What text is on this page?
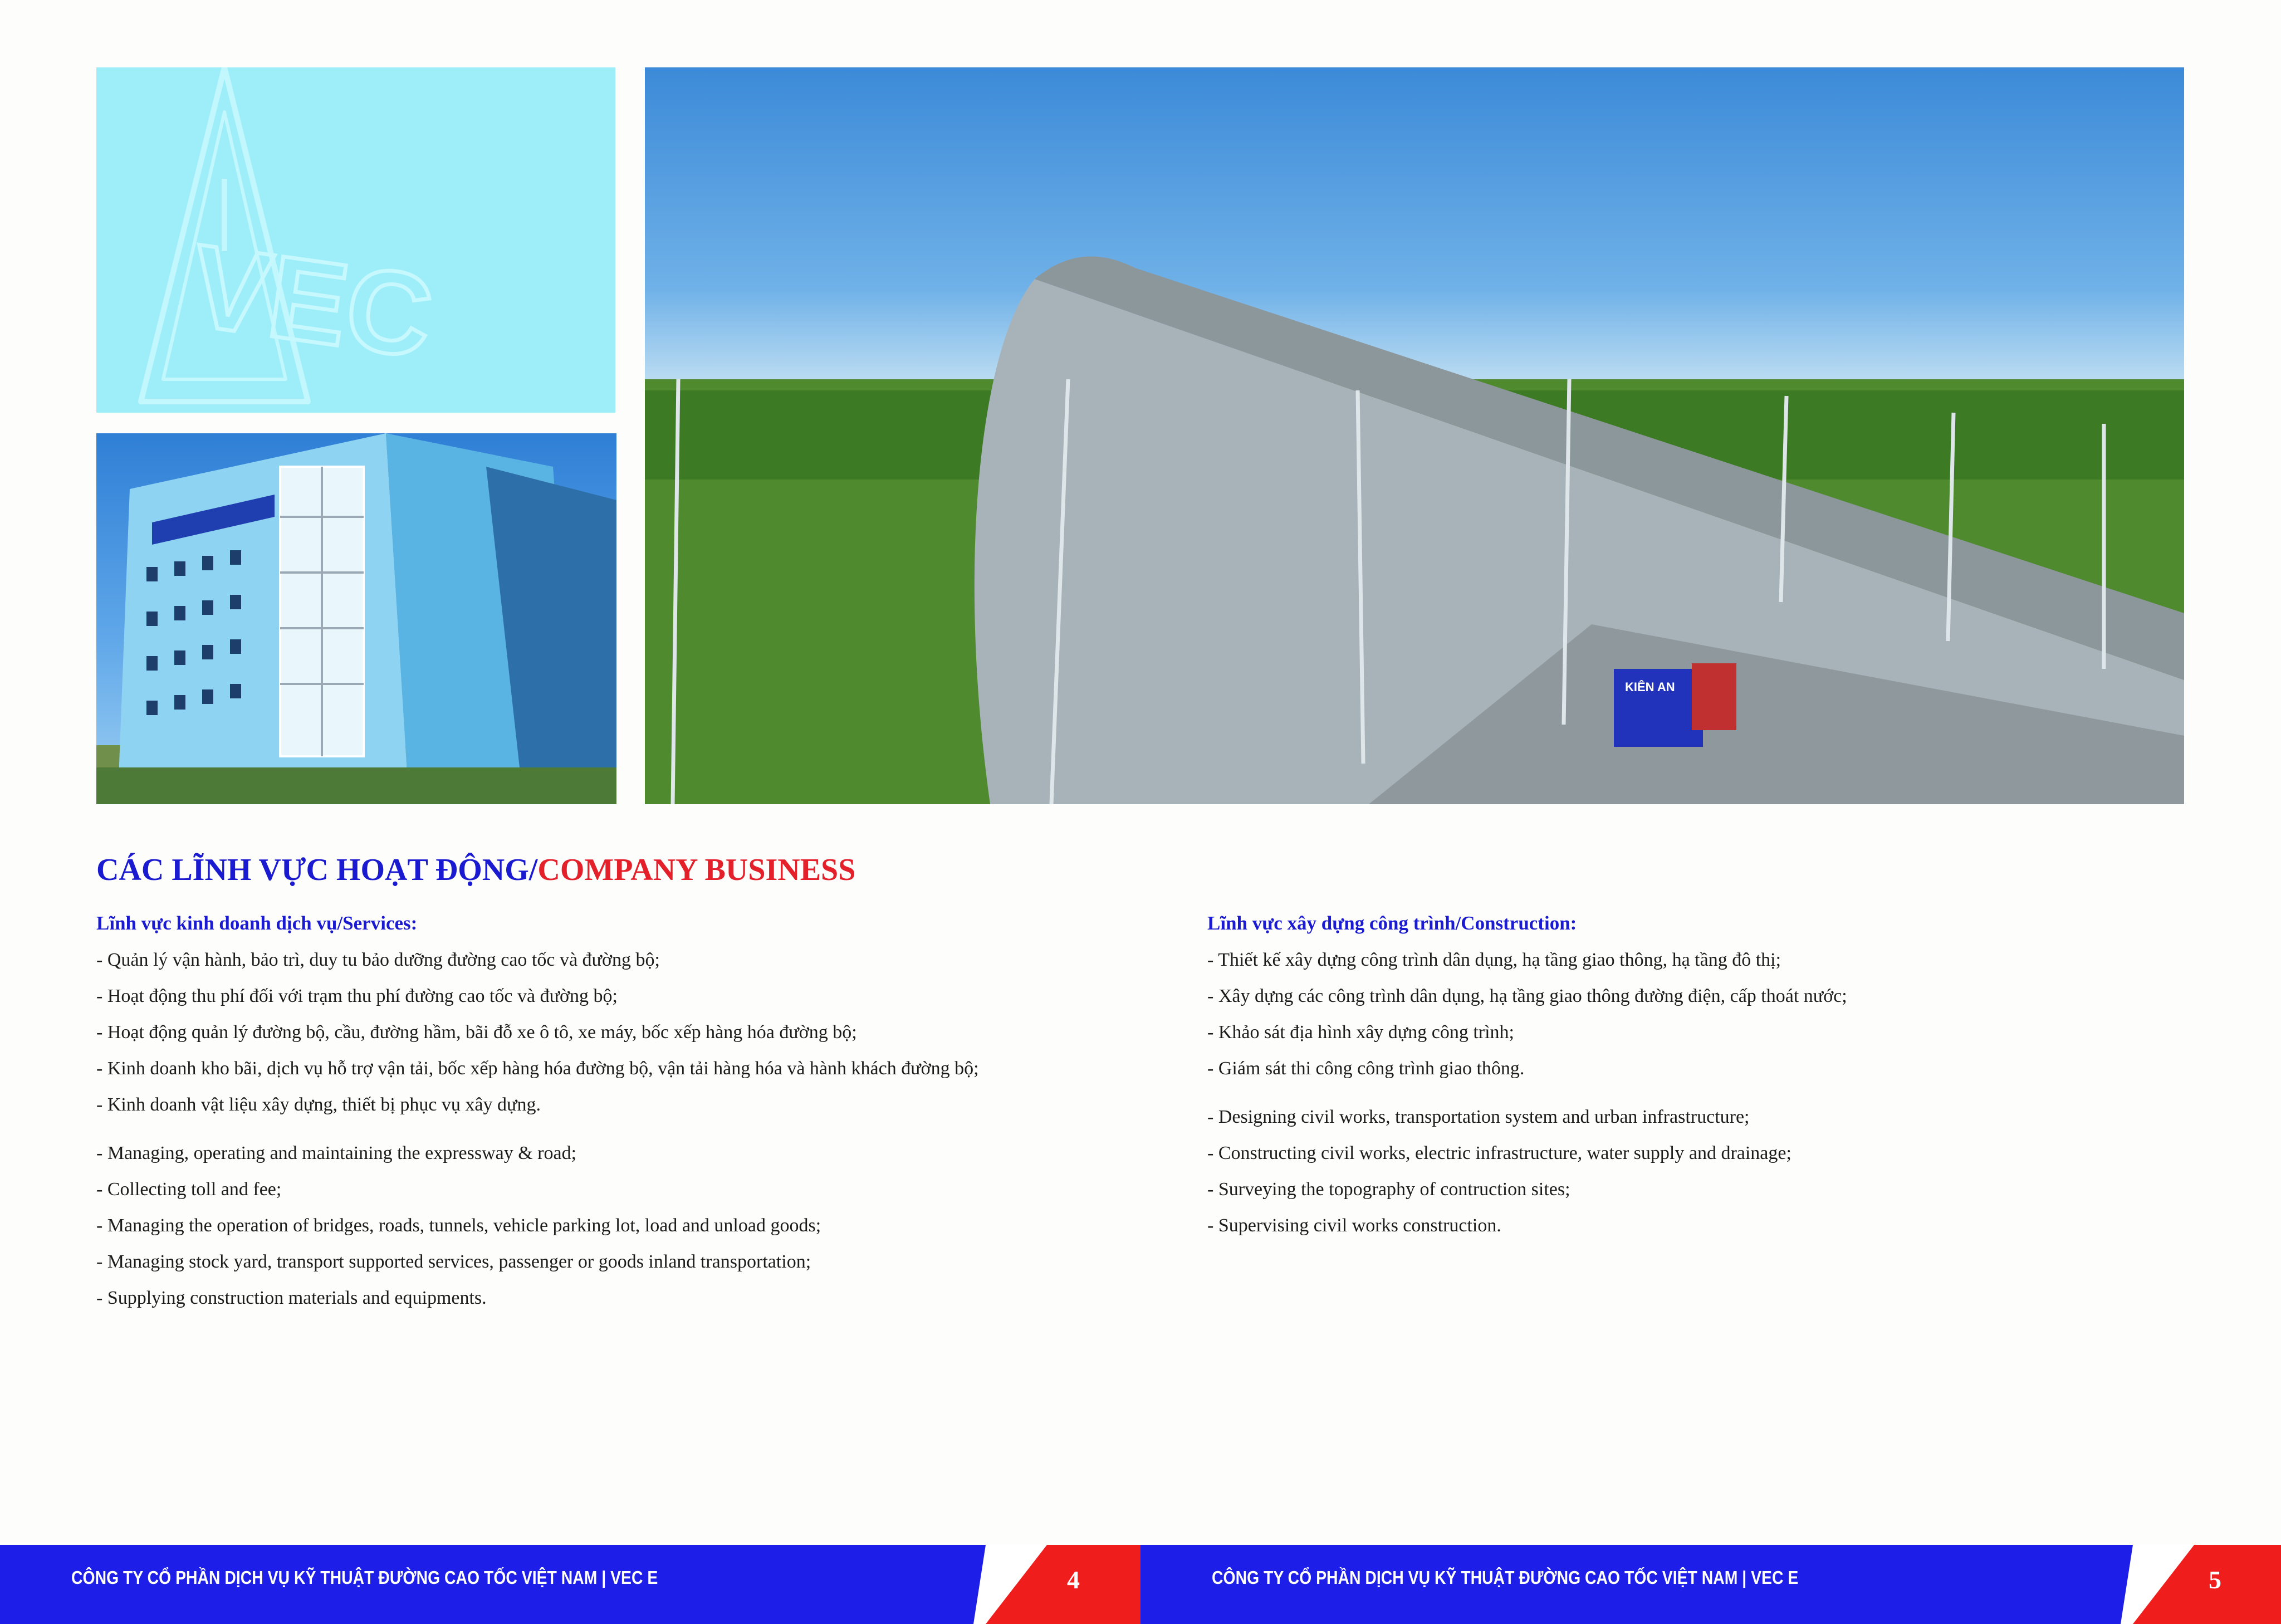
VEC
KIÊN AN
CÁC LĨNH VỰC HOẠT ĐỘNG/COMPANY BUSINESS
Lĩnh vực kinh doanh dịch vụ/Services:
- Quản lý vận hành, bảo trì, duy tu bảo dưỡng đường cao tốc và đường bộ;
- Hoạt động thu phí đối với trạm thu phí đường cao tốc và đường bộ;
- Hoạt động quản lý đường bộ, cầu, đường hầm, bãi đỗ xe ô tô, xe máy, bốc xếp hàng hóa đường bộ;
- Kinh doanh kho bãi, dịch vụ hỗ trợ vận tải, bốc xếp hàng hóa đường bộ, vận tải hàng hóa và hành khách đường bộ;
- Kinh doanh vật liệu xây dựng, thiết bị phục vụ xây dựng.
- Managing, operating and maintaining the expressway & road;
- Collecting toll and fee;
- Managing the operation of bridges, roads, tunnels, vehicle parking lot, load and unload goods;
- Managing stock yard, transport supported services, passenger or goods inland transportation;
- Supplying construction materials and equipments.
Lĩnh vực xây dựng công trình/Construction:
- Thiết kế xây dựng công trình dân dụng, hạ tầng giao thông, hạ tầng đô thị;
- Xây dựng các công trình dân dụng, hạ tầng giao thông đường điện, cấp thoát nước;
- Khảo sát địa hình xây dựng công trình;
- Giám sát thi công công trình giao thông.
- Designing civil works, transportation system and urban infrastructure;
- Constructing civil works, electric infrastructure, water supply and drainage;
- Surveying the topography of contruction sites;
- Supervising civil works construction.
CÔNG TY CỔ PHẦN DỊCH VỤ KỸ THUẬT ĐƯỜNG CAO TỐC VIỆT NAM | VEC E	4	CÔNG TY CỔ PHẦN DỊCH VỤ KỸ THUẬT ĐƯỜNG CAO TỐC VIỆT NAM | VEC E	5
